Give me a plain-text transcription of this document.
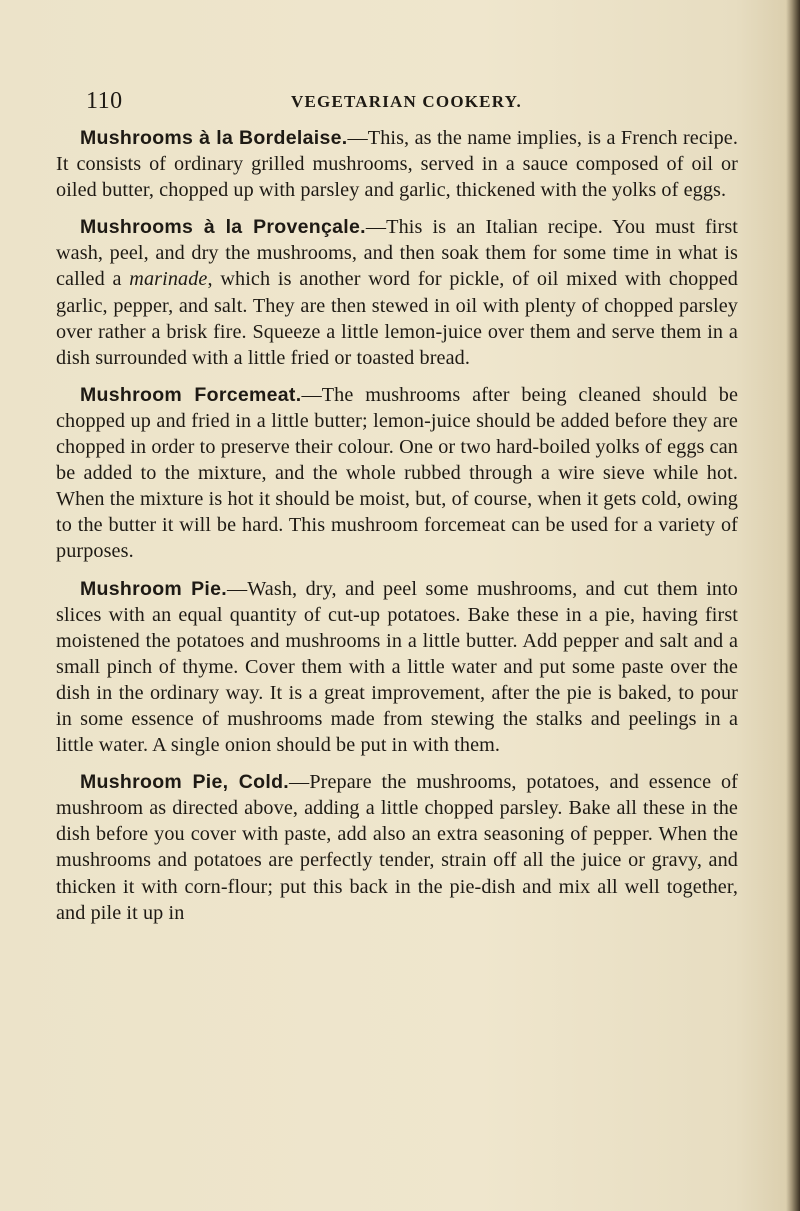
110	VEGETARIAN COOKERY.

Mushrooms à la Bordelaise.—This, as the name implies, is a French recipe. It consists of ordinary grilled mushrooms, served in a sauce composed of oil or oiled butter, chopped up with parsley and garlic, thickened with the yolks of eggs.

Mushrooms à la Provençale.—This is an Italian recipe. You must first wash, peel, and dry the mushrooms, and then soak them for some time in what is called a marinade, which is another word for pickle, of oil mixed with chopped garlic, pepper, and salt. They are then stewed in oil with plenty of chopped parsley over rather a brisk fire. Squeeze a little lemon-juice over them and serve them in a dish surrounded with a little fried or toasted bread.

Mushroom Forcemeat.—The mushrooms after being cleaned should be chopped up and fried in a little butter; lemon-juice should be added before they are chopped in order to preserve their colour. One or two hard-boiled yolks of eggs can be added to the mixture, and the whole rubbed through a wire sieve while hot. When the mixture is hot it should be moist, but, of course, when it gets cold, owing to the butter it will be hard. This mushroom forcemeat can be used for a variety of purposes.

Mushroom Pie.—Wash, dry, and peel some mushrooms, and cut them into slices with an equal quantity of cut-up potatoes. Bake these in a pie, having first moistened the potatoes and mushrooms in a little butter. Add pepper and salt and a small pinch of thyme. Cover them with a little water and put some paste over the dish in the ordinary way. It is a great improvement, after the pie is baked, to pour in some essence of mushrooms made from stewing the stalks and peelings in a little water. A single onion should be put in with them.

Mushroom Pie, Cold.—Prepare the mushrooms, potatoes, and essence of mushroom as directed above, adding a little chopped parsley. Bake all these in the dish before you cover with paste, add also an extra seasoning of pepper. When the mushrooms and potatoes are perfectly tender, strain off all the juice or gravy, and thicken it with corn-flour; put this back in the pie-dish and mix all well together, and pile it up in
